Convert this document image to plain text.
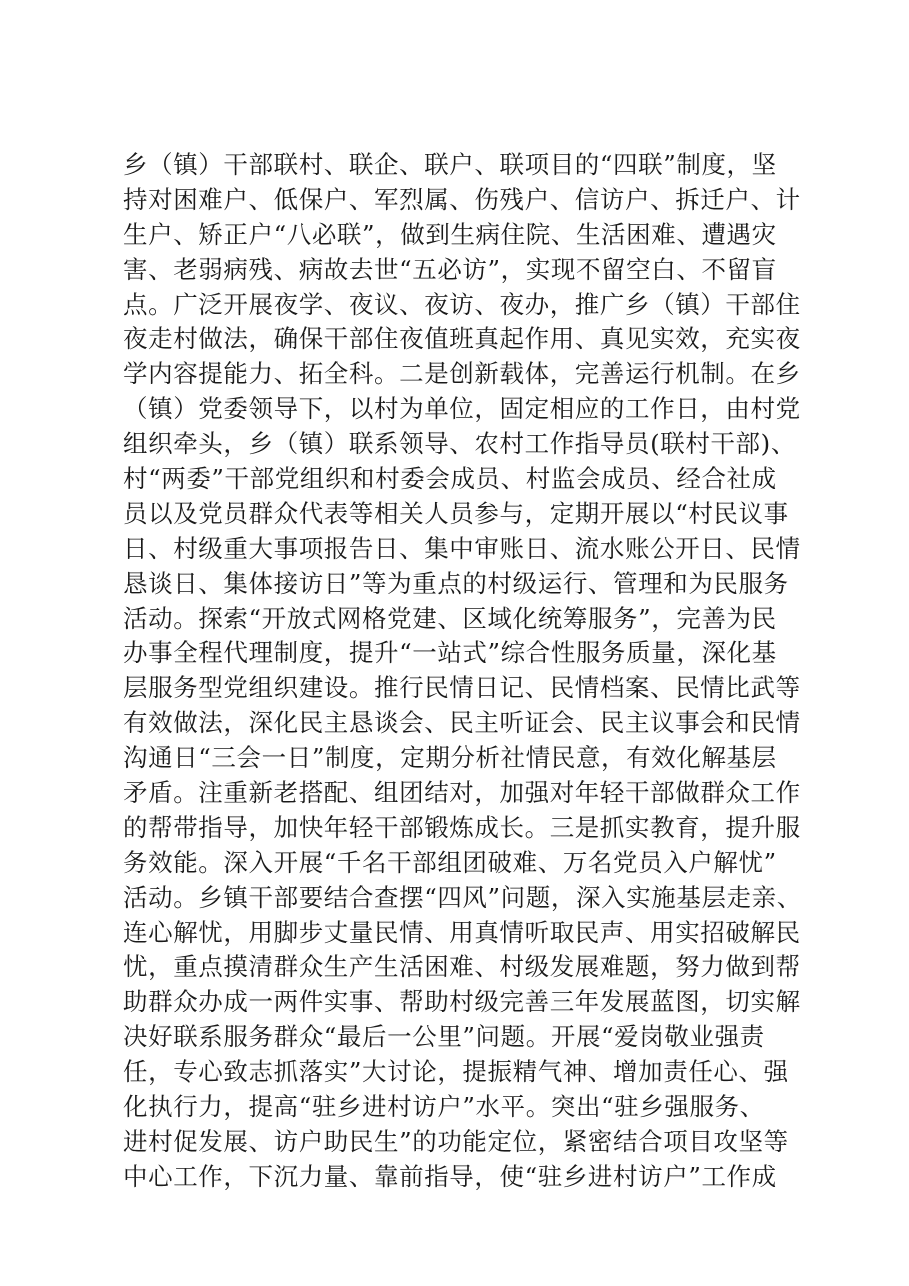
乡（镇）干部联村、联企、联户、联项目的“四联”制度，坚
持对困难户、低保户、军烈属、伤残户、信访户、拆迁户、计
生户、矫正户“八必联”，做到生病住院、生活困难、遭遇灾
害、老弱病残、病故去世“五必访”，实现不留空白、不留盲
点。广泛开展夜学、夜议、夜访、夜办，推广乡（镇）干部住
夜走村做法，确保干部住夜值班真起作用、真见实效，充实夜
学内容提能力、拓全科。二是创新载体，完善运行机制。在乡
（镇）党委领导下，以村为单位，固定相应的工作日，由村党
组织牵头，乡（镇）联系领导、农村工作指导员(联村干部)、
村“两委”干部党组织和村委会成员、村监会成员、经合社成
员以及党员群众代表等相关人员参与，定期开展以“村民议事
日、村级重大事项报告日、集中审账日、流水账公开日、民情
恳谈日、集体接访日”等为重点的村级运行、管理和为民服务
活动。探索“开放式网格党建、区域化统筹服务”，完善为民
办事全程代理制度，提升“一站式”综合性服务质量，深化基
层服务型党组织建设。推行民情日记、民情档案、民情比武等
有效做法，深化民主恳谈会、民主听证会、民主议事会和民情
沟通日“三会一日”制度，定期分析社情民意，有效化解基层
矛盾。注重新老搭配、组团结对，加强对年轻干部做群众工作
的帮带指导，加快年轻干部锻炼成长。三是抓实教育，提升服
务效能。深入开展“千名干部组团破难、万名党员入户解忧”
活动。乡镇干部要结合查摆“四风”问题，深入实施基层走亲、
连心解忧，用脚步丈量民情、用真情听取民声、用实招破解民
忧，重点摸清群众生产生活困难、村级发展难题，努力做到帮
助群众办成一两件实事、帮助村级完善三年发展蓝图，切实解
决好联系服务群众“最后一公里”问题。开展“爱岗敬业强责
任，专心致志抓落实”大讨论，提振精气神、增加责任心、强
化执行力，提高“驻乡进村访户”水平。突出“驻乡强服务、
进村促发展、访户助民生”的功能定位，紧密结合项目攻坚等
中心工作，下沉力量、靠前指导，使“驻乡进村访户”工作成
